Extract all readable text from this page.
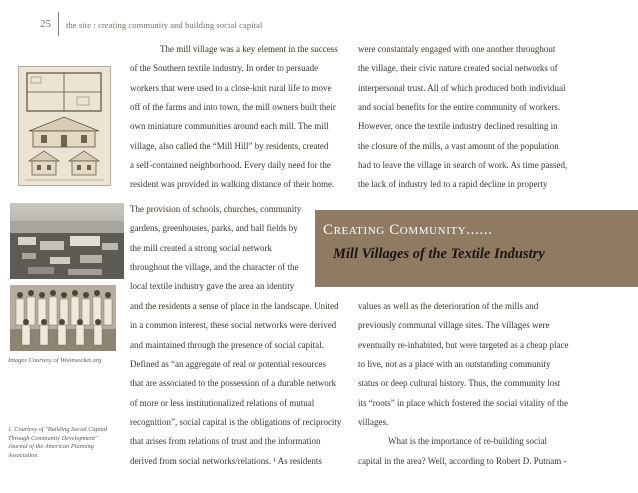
25 the site : creating community and building social capital
Images Courtesy of Woonsocket.org
1. Courtesy of "Building Social Capital Through Community Development" Journal of the American Planning Association.

The mill village was a key element in the success

of the Southern textile industry. In order to persuade

workers that were used to a close-knit rural life to move

off of the farms and into town, the mill owners built their

own miniature communities around each mill. The mill

village, also called the “Mill Hill” by residents, created

a self-contained neighborhood. Every daily need for the

resident was provided in walking distance of their home.

The provision of schools, churches, community

gardens, greenhouses, parks, and ball fields by

the mill created a strong social network

throughout the village, and the character of the

local textile industry gave the area an identity

and the residents a sense of place in the landscape. United

in a common interest, these social networks were derived

and maintained through the presence of social capital.

Defined as “an aggregate of real or potential resources

that are associated to the possession of a durable network

of more or less institutionalized relations of mutual

recognition”, social capital is the obligations of reciprocity

that arises from relations of trust and the information

derived from social networks/relations. ¹ As residents

were constantaly engaged with one another throughout

the village, their civic nature created social networks of

interpersonal trust. All of which produced both individual

and social benefits for the entire community of workers.

However, once the textile industry declined resulting in

the closure of the mills, a vast amount of the population

had to leave the village in search of work. As time passed,

the lack of industry led to a rapid decline in property

values as well as the deterioration of the mills and

previously communal village sites. The villages were

eventually re-inhabited, but were targeted as a cheap place

to live, not as a place with an outstanding community

status or deep cultural history. Thus, the community lost

its “roots” in place which fostered the social vitality of the

villages.

What is the importance of re-building social

capital in the area? Well, according to Robert D. Putnam -

Creating Community......
Mill Villages of the Textile Industry
